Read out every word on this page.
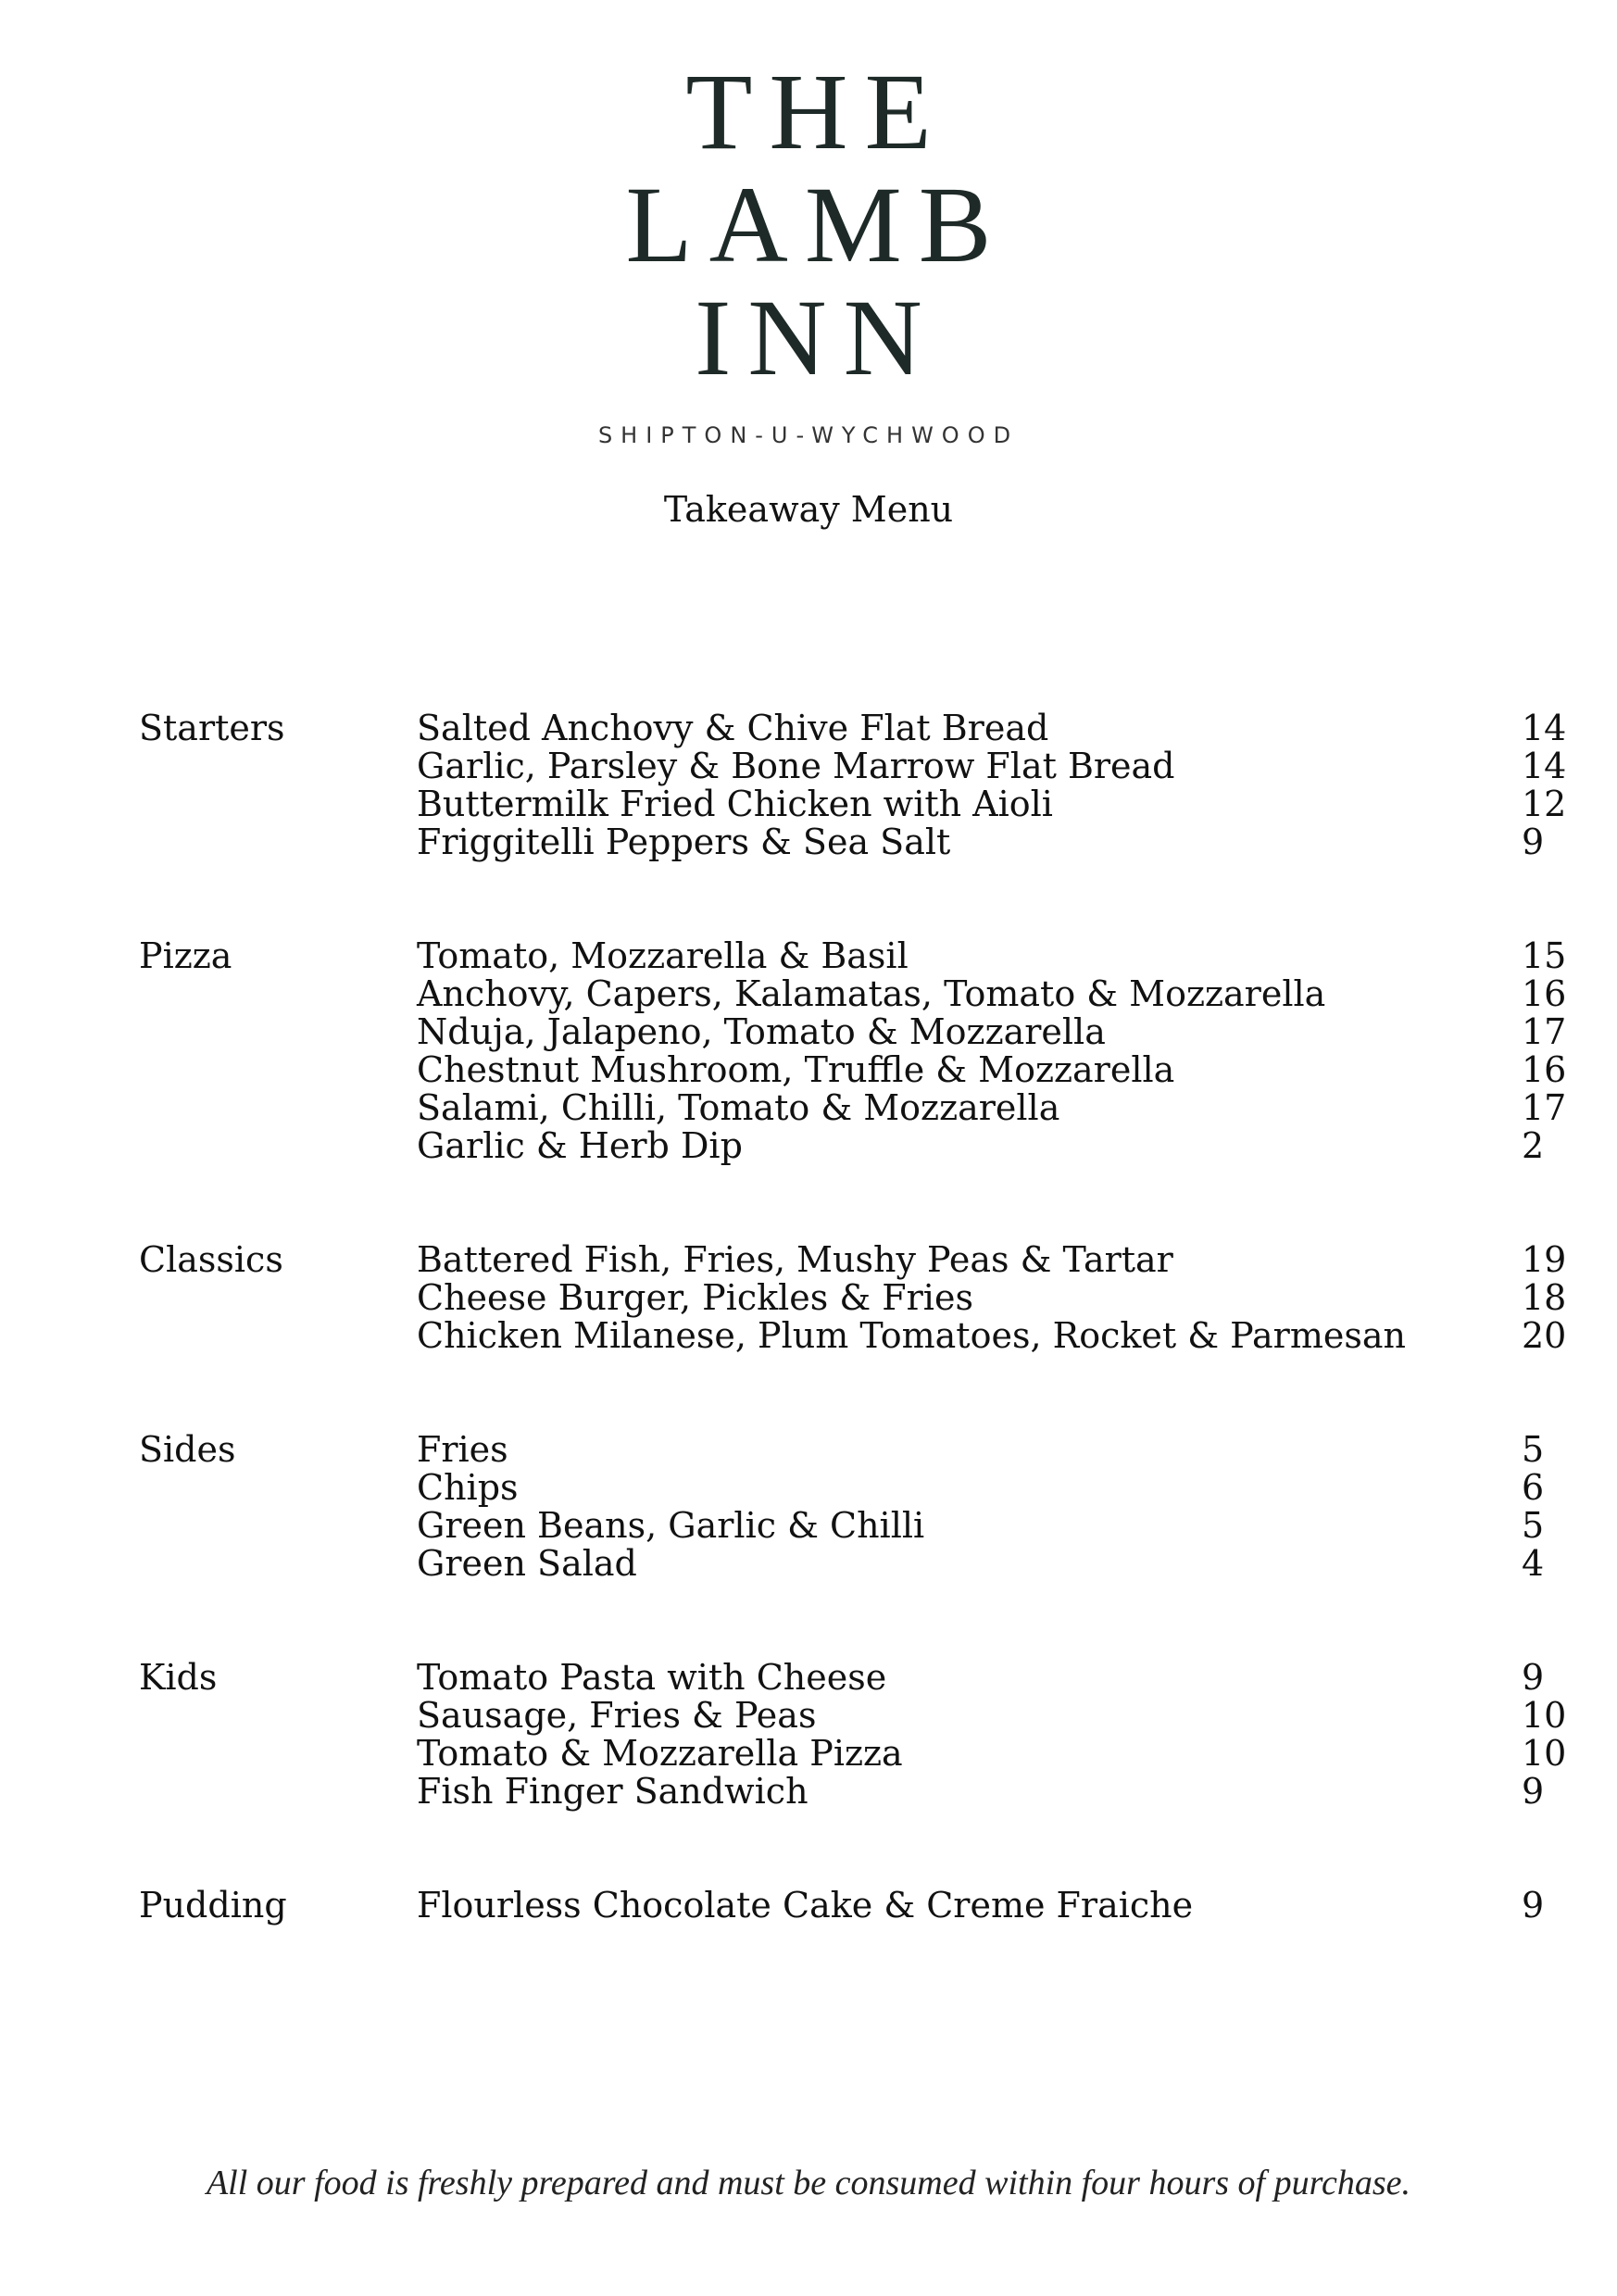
THE
LAMB
INN
SHIPTON-U-WYCHWOOD
Takeaway Menu
Starters	Salted Anchovy & Chive Flat Bread	14
Garlic, Parsley & Bone Marrow Flat Bread	14
Buttermilk Fried Chicken with Aioli	12
Friggitelli Peppers & Sea Salt	9
Pizza	Tomato, Mozzarella & Basil	15
Anchovy, Capers, Kalamatas, Tomato & Mozzarella	16
Nduja, Jalapeno, Tomato & Mozzarella	17
Chestnut Mushroom, Truffle & Mozzarella	16
Salami, Chilli, Tomato & Mozzarella	17
Garlic & Herb Dip	2
Classics	Battered Fish, Fries, Mushy Peas & Tartar	19
Cheese Burger, Pickles & Fries	18
Chicken Milanese, Plum Tomatoes, Rocket & Parmesan	20
Sides	Fries	5
Chips	6
Green Beans, Garlic & Chilli	5
Green Salad	4
Kids	Tomato Pasta with Cheese	9
Sausage, Fries & Peas	10
Tomato & Mozzarella Pizza	10
Fish Finger Sandwich	9
Pudding	Flourless Chocolate Cake & Creme Fraiche	9
All our food is freshly prepared and must be consumed within four hours of purchase.
